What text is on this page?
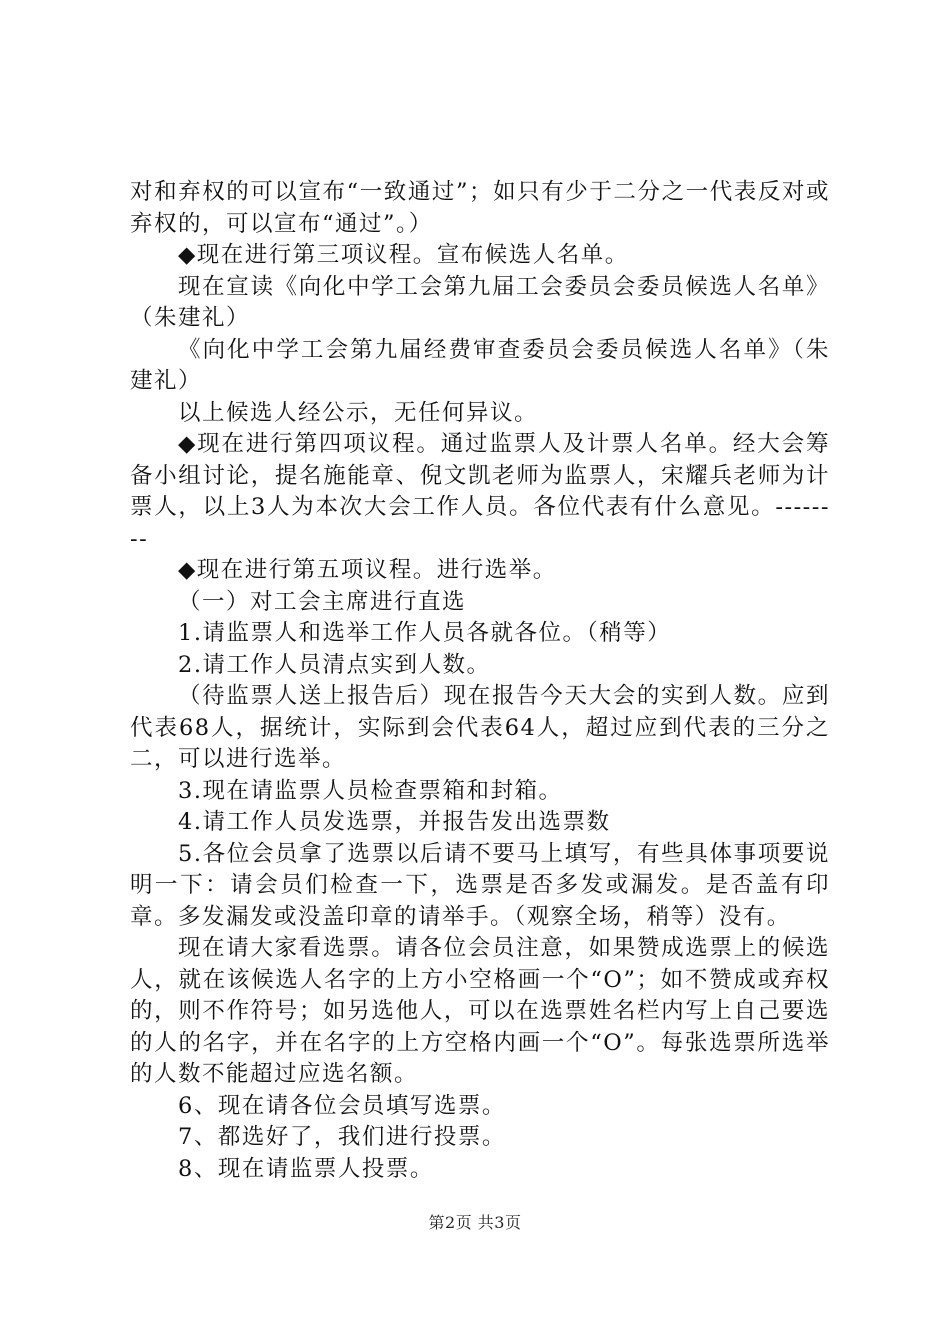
对和弃权的可以宣布“一致通过”；如只有少于二分之一代表反对或弃权的，可以宣布“通过”。）

◆现在进行第三项议程。宣布候选人名单。

现在宣读《向化中学工会第九届工会委员会委员候选人名单》（朱建礼）

《向化中学工会第九届经费审查委员会委员候选人名单》（朱建礼）

以上候选人经公示，无任何异议。

◆现在进行第四项议程。通过监票人及计票人名单。经大会筹备小组讨论，提名施能章、倪文凯老师为监票人，宋耀兵老师为计票人，以上3人为本次大会工作人员。各位代表有什么意见。--------

◆现在进行第五项议程。进行选举。

（一）对工会主席进行直选

1.请监票人和选举工作人员各就各位。（稍等）

2.请工作人员清点实到人数。

（待监票人送上报告后）现在报告今天大会的实到人数。应到代表68人，据统计，实际到会代表64人，超过应到代表的三分之二，可以进行选举。

3.现在请监票人员检查票箱和封箱。

4.请工作人员发选票，并报告发出选票数

5.各位会员拿了选票以后请不要马上填写，有些具体事项要说明一下：请会员们检查一下，选票是否多发或漏发。是否盖有印章。多发漏发或没盖印章的请举手。（观察全场，稍等）没有。

现在请大家看选票。请各位会员注意，如果赞成选票上的候选人，就在该候选人名字的上方小空格画一个“O”；如不赞成或弃权的，则不作符号；如另选他人，可以在选票姓名栏内写上自己要选的人的名字，并在名字的上方空格内画一个“O”。每张选票所选举的人数不能超过应选名额。

6、现在请各位会员填写选票。

7、都选好了，我们进行投票。

8、现在请监票人投票。

第2页 共3页
